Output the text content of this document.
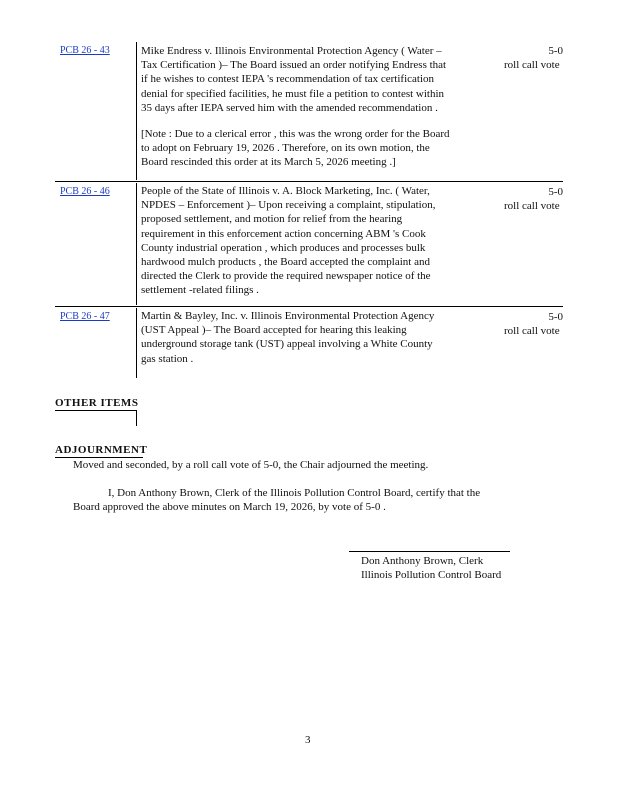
PCB 26 - 43	Mike Endress v. Illinois Environmental Protection Agency ( Water –

Tax Certification )– The Board issued an order notifying Endress that

if he wishes to contest IEPA 's recommendation of tax certification

denial for specified facilities, he must file a petition to contest within

35 days after IEPA served him with the amended recommendation .

[Note : Due to a clerical error , this was the wrong order for the Board

to adopt on February 19, 2026 . Therefore, on its own motion, the

Board rescinded this order at its March 5, 2026 meeting .]

5-0
roll call vote
PCB 26 - 46	People of the State of Illinois v. A. Block Marketing, Inc. ( Water,

NPDES – Enforcement )– Upon receiving a complaint, stipulation,

proposed settlement, and motion for relief from the hearing

requirement in this enforcement action concerning ABM 's Cook

County industrial operation , which produces and processes bulk

hardwood mulch products , the Board accepted the complaint and

directed the Clerk to provide the required newspaper notice of the

settlement -related filings .

5-0
roll call vote
PCB 26 - 47	Martin & Bayley, Inc. v. Illinois Environmental Protection Agency

(UST Appeal )– The Board accepted for hearing this leaking

underground storage tank (UST) appeal involving a White County

gas station .

5-0
roll call vote
OTHER ITEMS
ADJOURNMENT
Moved and seconded, by a roll call vote of 5-0, the Chair adjourned the meeting.
I, Don Anthony Brown, Clerk of the Illinois Pollution Control Board, certify that the
Board approved the above minutes on March 19, 2026, by vote of 5-0 .
Don Anthony Brown, Clerk
Illinois Pollution Control Board
3
